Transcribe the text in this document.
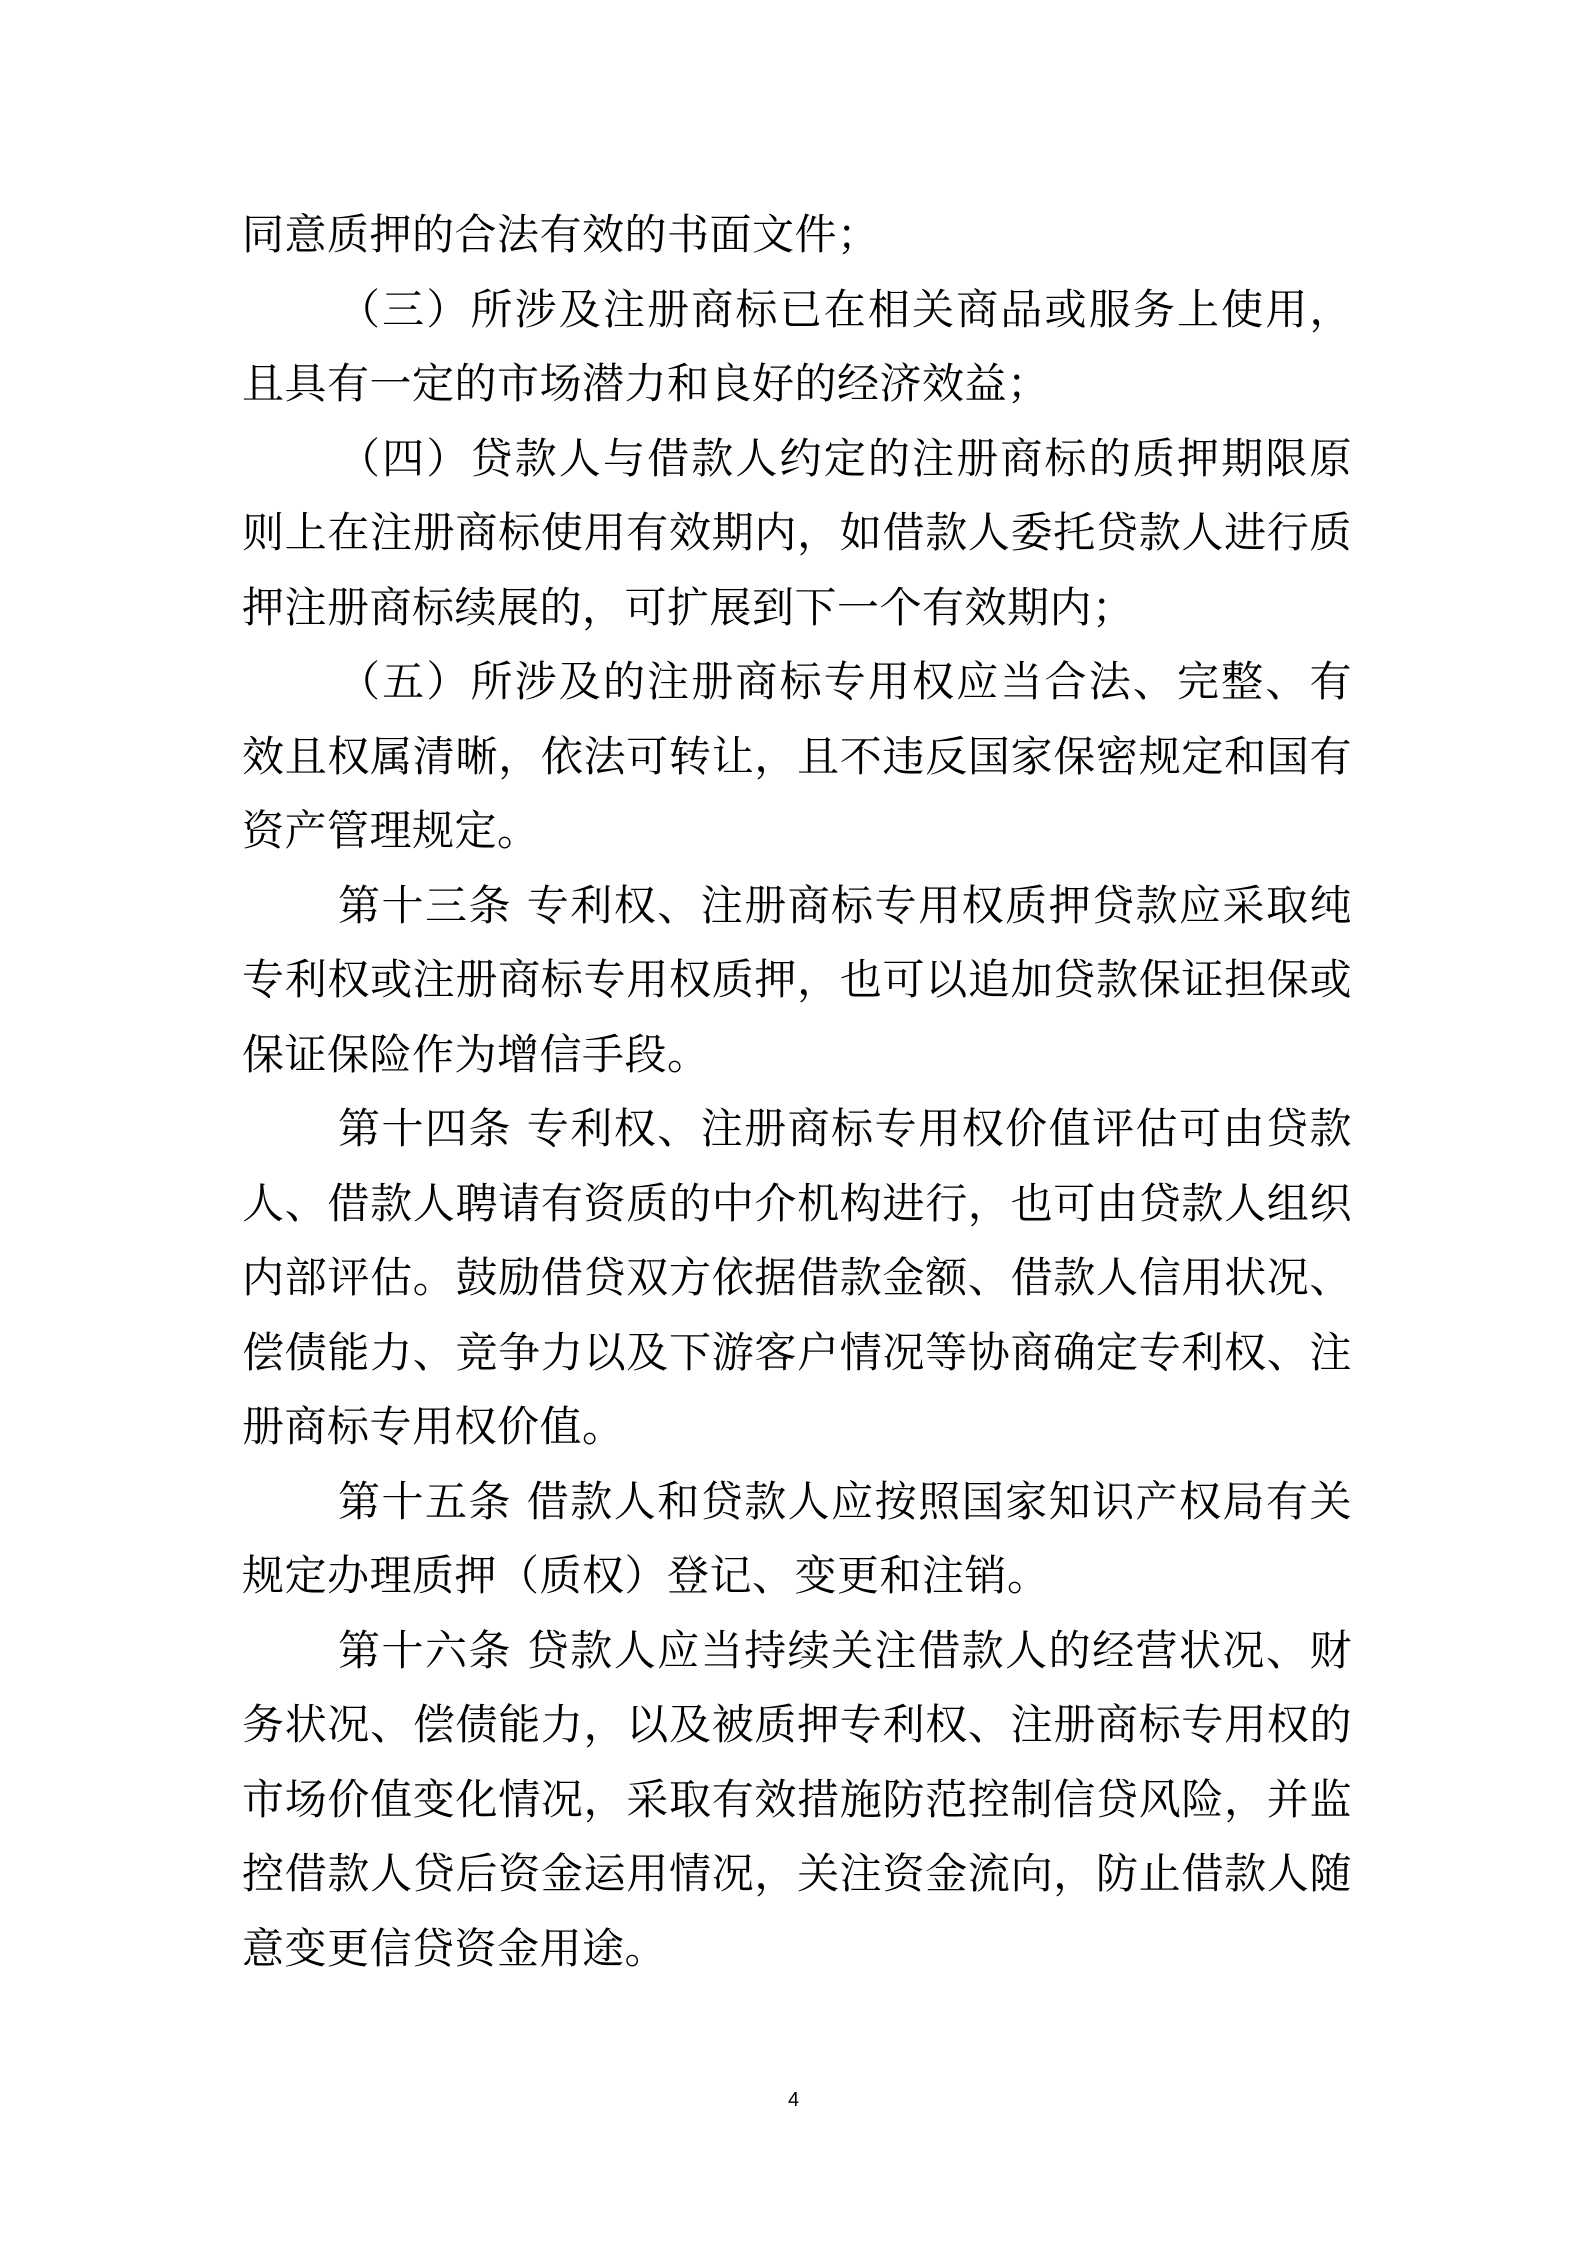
同意质押的合法有效的书面文件；

（三）所涉及注册商标已在相关商品或服务上使用，且具有一定的市场潜力和良好的经济效益；

（四）贷款人与借款人约定的注册商标的质押期限原则上在注册商标使用有效期内，如借款人委托贷款人进行质押注册商标续展的，可扩展到下一个有效期内；

（五）所涉及的注册商标专用权应当合法、完整、有效且权属清晰，依法可转让，且不违反国家保密规定和国有资产管理规定。

第十三条 专利权、注册商标专用权质押贷款应采取纯专利权或注册商标专用权质押，也可以追加贷款保证担保或保证保险作为增信手段。

第十四条 专利权、注册商标专用权价值评估可由贷款人、借款人聘请有资质的中介机构进行，也可由贷款人组织内部评估。鼓励借贷双方依据借款金额、借款人信用状况、偿债能力、竞争力以及下游客户情况等协商确定专利权、注册商标专用权价值。

第十五条 借款人和贷款人应按照国家知识产权局有关规定办理质押（质权）登记、变更和注销。

第十六条 贷款人应当持续关注借款人的经营状况、财务状况、偿债能力，以及被质押专利权、注册商标专用权的市场价值变化情况，采取有效措施防范控制信贷风险，并监控借款人贷后资金运用情况，关注资金流向，防止借款人随意变更信贷资金用途。

4
